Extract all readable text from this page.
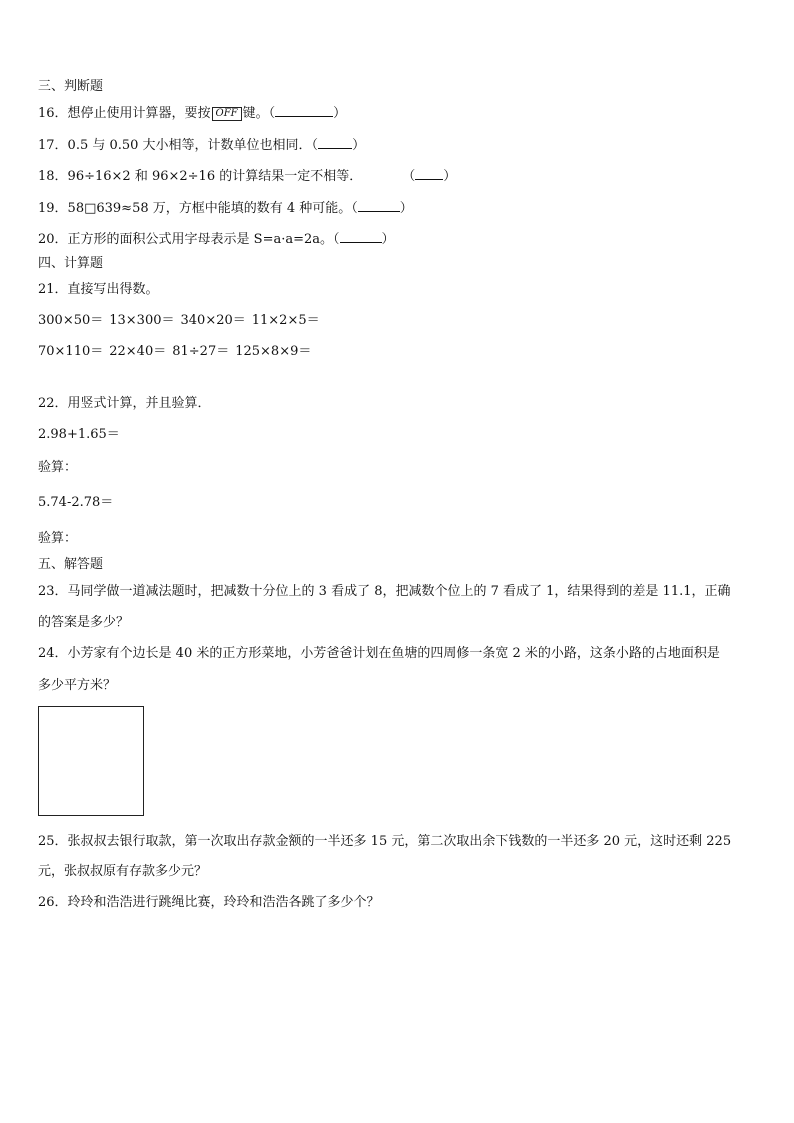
三、判断题
16．想停止使用计算器，要按 OFF 键。（	）
17．0.5 与 0.50 大小相等，计数单位也相同．（	）
18．96÷16×2 和 96×2÷16 的计算结果一定不相等．	（ ）
19．58□639≈58 万，方框中能填的数有 4 种可能。（	）
20．正方形的面积公式用字母表示是 S=a·a=2a。（	）
四、计算题
21．直接写出得数。
300×50＝ 13×300＝ 340×20＝ 11×2×5＝
70×110＝ 22×40＝ 81÷27＝ 125×8×9＝
22．用竖式计算，并且验算．
2.98+1.65＝
验算：
5.74-2.78＝
验算：
五、解答题
23．马同学做一道减法题时，把减数十分位上的 3 看成了 8，把减数个位上的 7 看成了 1，结果得到的差是 11.1，正确
的答案是多少？
24．小芳家有个边长是 40 米的正方形菜地，小芳爸爸计划在鱼塘的四周修一条宽 2 米的小路，这条小路的占地面积是
多少平方米？
25．张叔叔去银行取款，第一次取出存款金额的一半还多 15 元，第二次取出余下钱数的一半还多 20 元，这时还剩 225
元，张叔叔原有存款多少元？
26．玲玲和浩浩进行跳绳比赛，玲玲和浩浩各跳了多少个？
